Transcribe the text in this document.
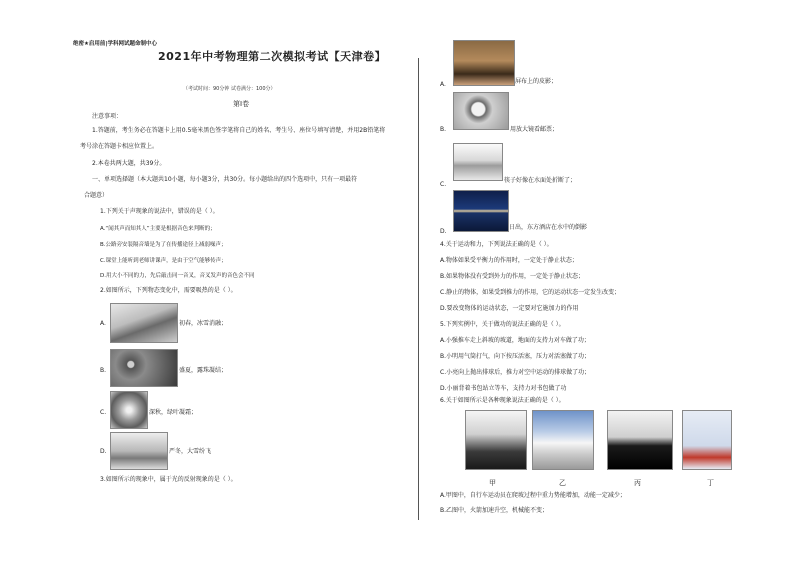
绝密★启用前|学科网试题命制中心
2021年中考物理第二次模拟考试【天津卷】
（考试时间：90分钟 试卷满分：100分）
第Ⅰ卷
注意事项：
1.答题前，考生务必在答题卡上用0.5毫米黑色签字笔将自己的姓名、考生号、座位号填写清楚，并用2B铅笔将
考号涂在答题卡相应位置上。
2.本卷共两大题，共39分。
一、单项选择题（本大题共10小题，每小题3分，共30分。每小题给出的四个选项中，只有一项最符
合题意）
1.下列关于声现象的说法中，错误的是（ ）。
A.“闻其声而知其人”主要是根据音色来判断的；
B.公路旁安装隔音墙是为了在传播途径上减弱噪声；
C.课堂上能听到老师讲课声，是由于空气能够传声；
D.用大小不同的力，先后敲击同一音叉，音叉发声的音色会不同
2.如图所示，下列物态变化中，需要吸热的是（ ）。
A.	初春，冰雪消融；
B.	盛夏，露珠凝结；
C.	深秋，绿叶凝霜；
D.	严冬，大雪纷飞
3.如图所示的现象中，属于光的反射现象的是（ ）。
A.	屏布上的皮影；
B.	用放大镜看邮票；
C.
筷子好像在水面处折断了；
D.
日出，东方酒店在水中的倒影
4.关于运动和力，下列说法正确的是（ ）。
A.物体如果受平衡力的作用时，一定处于静止状态；
B.如果物体没有受到外力的作用，一定处于静止状态；
C.静止的物体，如果受到推力的作用，它的运动状态一定发生改变；
D.要改变物体的运动状态，一定要对它施加力的作用
5.下列实例中，关于做功的说法正确的是（ ）。
A.小强推车走上斜坡的坡道，地面的支持力对车做了功；
B.小明用气筒打气，向下按压活塞，压力对活塞做了功；
C.小亮向上抛出排球后，推力对空中运动的排球做了功；
D.小丽背着书包站立等车，支持力对书包做了功
6.关于如图所示是各种现象说法正确的是（ ）。
甲	乙	丙	丁
A.甲图中，自行车运动员在爬坡过程中重力势能增加，动能一定减少；
B.乙图中，火箭加速升空，机械能不变；
